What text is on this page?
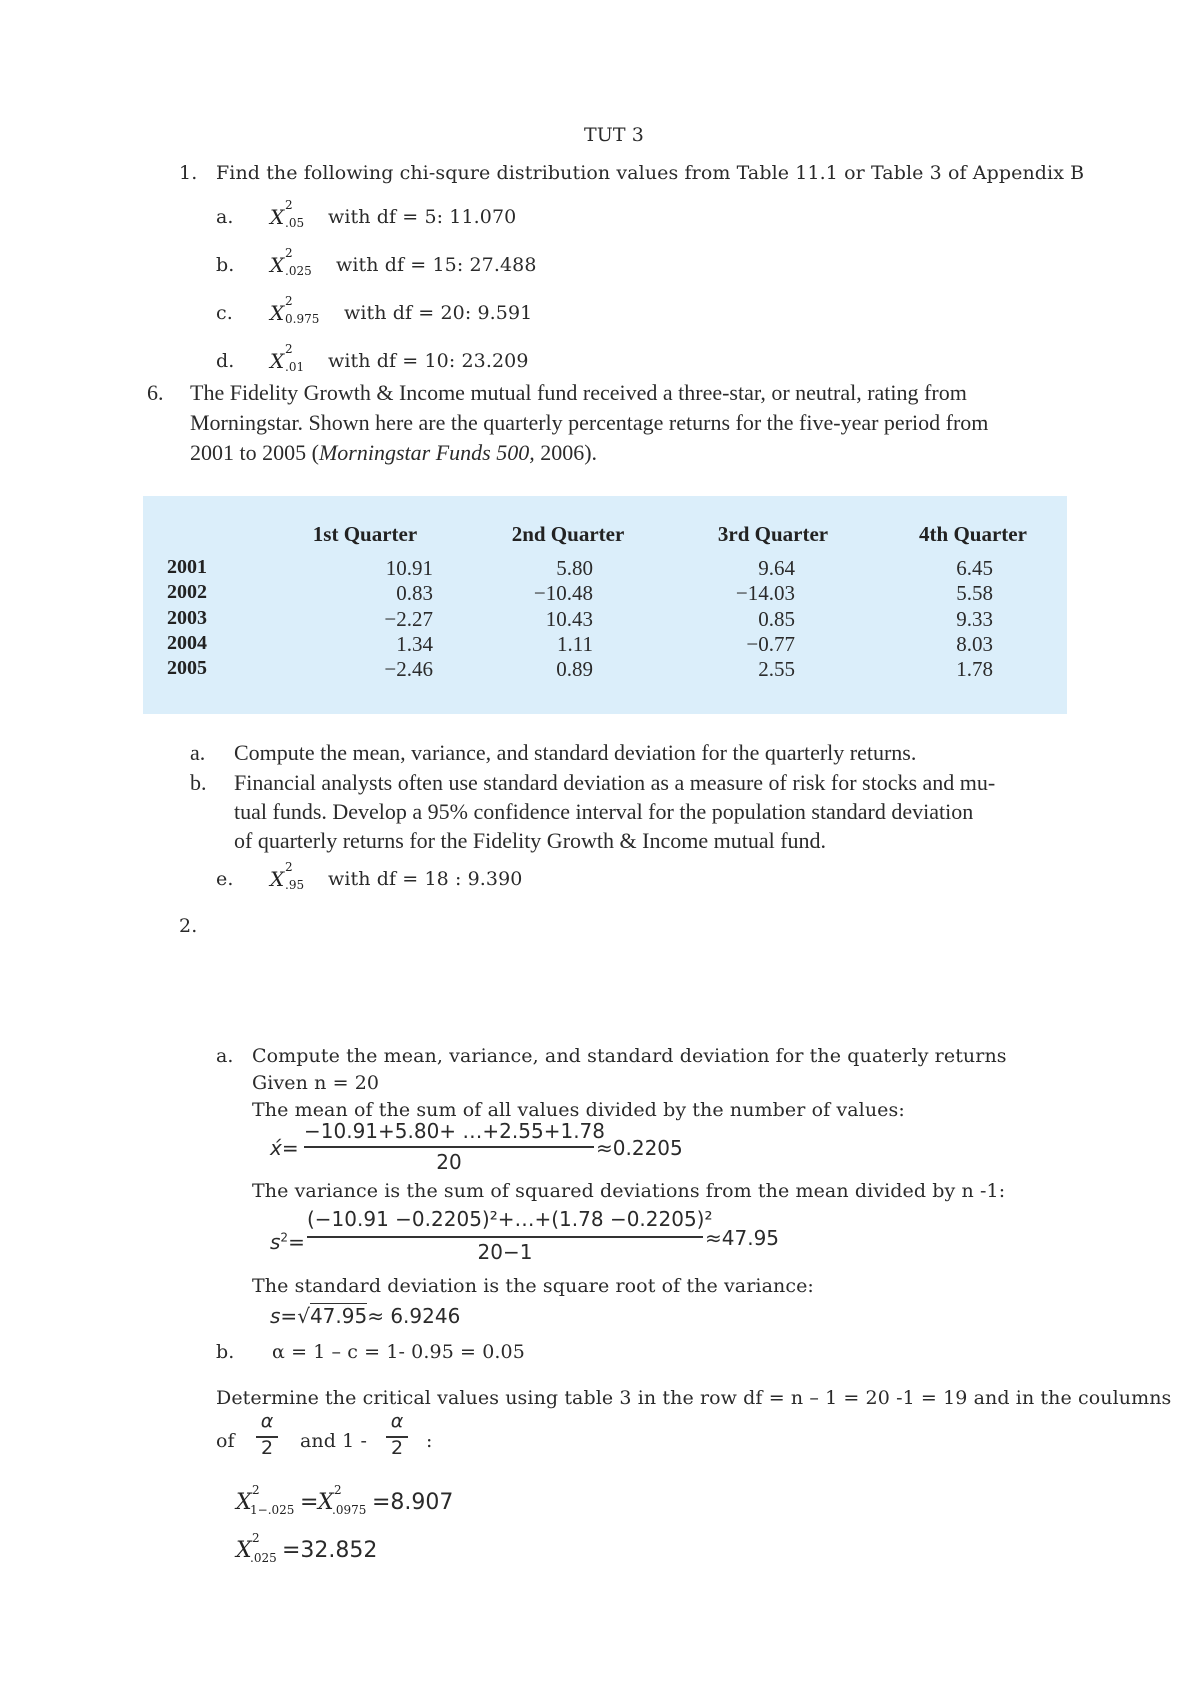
TUT 3
1. Find the following chi-squre distribution values from Table 11.1 or Table 3 of Appendix B
a. X 2
.05 with df = 5: 11.070
b. X 2
.025 with df = 15: 27.488
c. X 2
0.975 with df = 20: 9.591
d. X 2
.01 with df = 10: 23.209
6. The Fidelity Growth & Income mutual fund received a three-star, or neutral, rating from
Morningstar. Shown here are the quarterly percentage returns for the five-year period from
2001 to 2005 (Morningstar Funds 500, 2006).
1st Quarter	2nd Quarter	3rd Quarter	4th Quarter
2001	10.91	5.80	9.64	6.45
2002	0.83	−10.48	−14.03	5.58
2003	−2.27	10.43	0.85	9.33
2004	1.34	1.11	−0.77	8.03
2005	−2.46	0.89	2.55	1.78
a. Compute the mean, variance, and standard deviation for the quarterly returns.
b. Financial analysts often use standard deviation as a measure of risk for stocks and mu-
tual funds. Develop a 95% confidence interval for the population standard deviation
of quarterly returns for the Fidelity Growth & Income mutual fund.
e. X 2
.95 with df = 18 : 9.390
2.
a. Compute the mean, variance, and standard deviation for the quaterly returns
Given n = 20
The mean of the sum of all values divided by the number of values:
x́=
−10.91+5.80+ …+2.55+1.78
20
≈0.2205
The variance is the sum of squared deviations from the mean divided by n -1:
$s^2=$
(−10.91 −0.2205)²+…+(1.78 −0.2205)²
20−1
≈47.95
The standard deviation is the square root of the variance:
s=√47.95≈ 6.9246
b. α = 1 – c = 1- 0.95 = 0.05
Determine the critical values using table 3 in the row df = n – 1 = 20 -1 = 19 and in the coulumns
of
α
2 and 1 -
α
2 :
X 2
1−.025 = X 2
.0975 =8.907
X 2
.025 =32.852
